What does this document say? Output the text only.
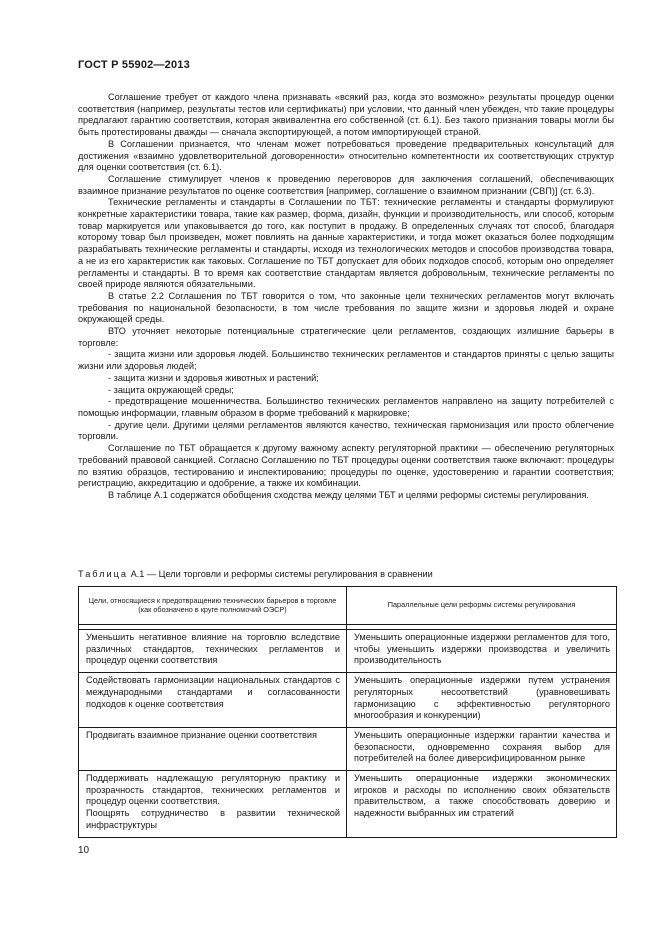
ГОСТ Р 55902—2013

Соглашение требует от каждого члена признавать «всякий раз, когда это возможно» результаты процедур оценки соответствия (например, результаты тестов или сертификаты) при условии, что данный член убежден, что такие процедуры предлагают гарантию соответствия, которая эквивалентна его собственной (ст. 6.1). Без такого признания товары могли бы быть протестированы дважды — сначала экспортирующей, а потом импортирующей страной.

В Соглашении признается, что членам может потребоваться проведение предварительных консультаций для достижения «взаимно удовлетворительной договоренности» относительно компетентности их соответствующих структур для оценки соответствия (ст. 6.1).

Соглашение стимулирует членов к проведению переговоров для заключения соглашений, обеспечивающих взаимное признание результатов по оценке соответствия [например, соглашение о взаимном признании (СВП)] (ст. 6.3).

Технические регламенты и стандарты в Соглашении по ТБТ: технические регламенты и стандарты формулируют конкретные характеристики товара, такие как размер, форма, дизайн, функции и производительность, или способ, которым товар маркируется или упаковывается до того, как поступит в продажу. В определенных случаях тот способ, благодаря которому товар был произведен, может повлиять на данные характеристики, и тогда может оказаться более подходящим разрабатывать технические регламенты и стандарты, исходя из технологических методов и способов производства товара, а не из его характеристик как таковых. Соглашение по ТБТ допускает для обоих подходов способ, которым оно определяет регламенты и стандарты. В то время как соответствие стандартам является добровольным, технические регламенты по своей природе являются обязательными.

В статье 2.2 Соглашения по ТБТ говорится о том, что законные цели технических регламентов могут включать требования по национальной безопасности, в том числе требования по защите жизни и здоровья людей и охране окружающей среды.

ВТО уточняет некоторые потенциальные стратегические цели регламентов, создающих излишние барьеры в торговле:

- защита жизни или здоровья людей. Большинство технических регламентов и стандартов приняты с целью защиты жизни или здоровья людей;

- защита жизни и здоровья животных и растений;

- защита окружающей среды;

- предотвращение мошенничества. Большинство технических регламентов направлено на защиту потребителей с помощью информации, главным образом в форме требований к маркировке;

- другие цели. Другими целями регламентов являются качество, техническая гармонизация или просто облегчение торговли.

Соглашение по ТБТ обращается к другому важному аспекту регуляторной практики — обеспечению регуляторных требований правовой санкцией. Согласно Соглашению по ТБТ процедуры оценки соответствия также включают: процедуры по взятию образцов, тестированию и инспектированию; процедуры по оценке, удостоверению и гарантии соответствия; регистрацию, аккредитацию и одобрение, а также их комбинации.

В таблице А.1 содержатся обобщения сходства между целями ТБТ и целями реформы системы регулирования.

Таблица А.1 — Цели торговли и реформы системы регулирования в сравнении
Цели, относящиеся к предотвращению технических барьеров в торговле (как обозначено в круге полномочий ОЭСР)	Параллельные цели реформы системы регулирования

Уменьшить негативное влияние на торговлю вследствие различных стандартов, технических регламентов и процедур оценки соответствия	Уменьшить операционные издержки регламентов для того, чтобы уменьшить издержки производства и увеличить производительность
Содействовать гармонизации национальных стандартов с международными стандартами и согласованности подходов к оценке соответствия	Уменьшить операционные издержки путем устранения регуляторных несоответствий (уравновешивать гармонизацию с эффективностью регуляторного многообразия и конкуренции)
Продвигать взаимное признание оценки соответствия	Уменьшить операционные издержки гарантии качества и безопасности, одновременно сохраняя выбор для потребителей на более диверсифицированном рынке
Поддерживать надлежащую регуляторную практику и прозрачность стандартов, технических регламентов и процедур оценки соответствия.
Поощрять сотрудничество в развитии технической инфраструктуры	Уменьшить операционные издержки экономических игроков и расходы по исполнению своих обязательств правительством, а также способствовать доверию и надежности выбранных им стратегий
10
